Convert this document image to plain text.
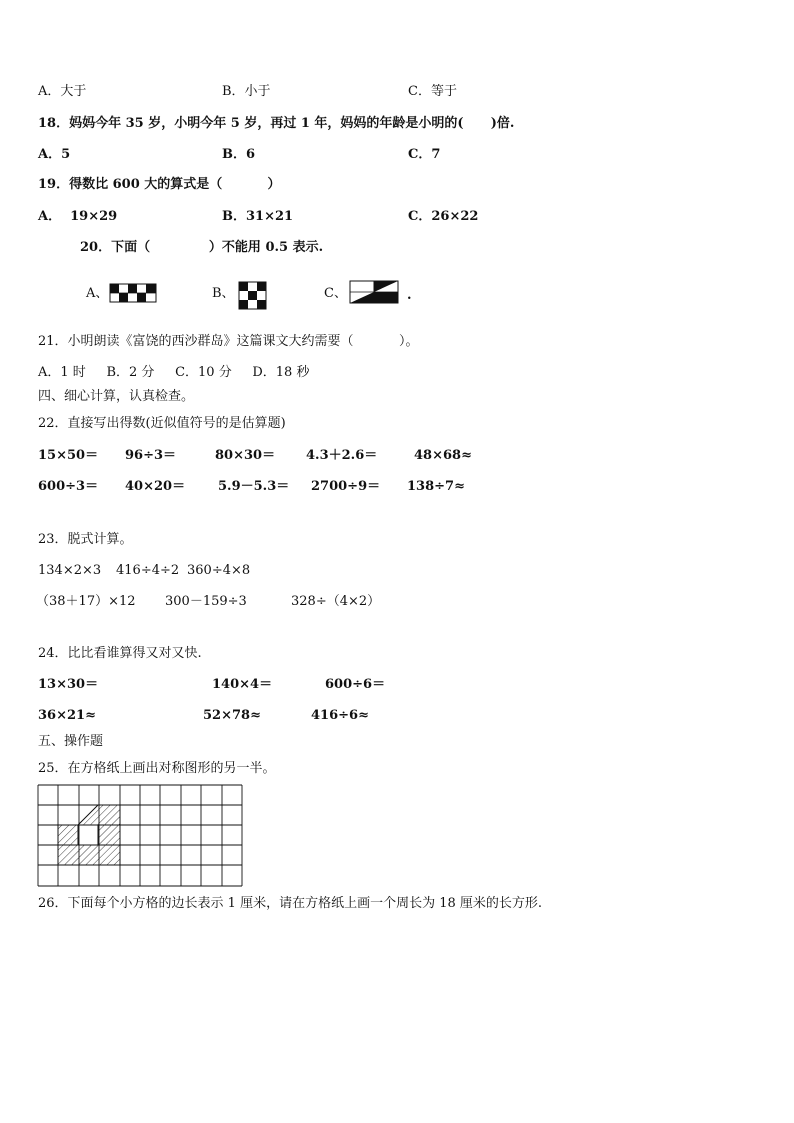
A．大于	B．小于	C．等于
18．妈妈今年 35 岁，小明今年 5 岁，再过 1 年，妈妈的年龄是小明的(      )倍.
A．5	B．6	C．7
19．得数比 600 大的算式是（          ）
A．  19×29	B．31×21	C．26×22
20．下面（             ）不能用 0.5 表示.
A、	B、	C、	.
21．小明朗读《富饶的西沙群岛》这篇课文大约需要（           ）。
A．1 时     B．2 分     C．10 分     D．18 秒
四、细心计算，认真检查。
22．直接写出得数(近似值符号的是估算题)
15×50＝ 96÷3＝	80×30＝ 4.3＋2.6＝	48×68≈
600÷3＝ 40×20＝	5.9－5.3＝ 2700÷9＝ 138÷7≈
23．脱式计算。
134×2×3 416÷4÷2 360÷4×8
（38＋17）×12 300－159÷3	328÷（4×2）
24．比比看谁算得又对又快.
13×30＝	140×4＝	600÷6＝
36×21≈	52×78≈	416÷6≈
五、操作题
25．在方格纸上画出对称图形的另一半。
26．下面每个小方格的边长表示 1 厘米，请在方格纸上画一个周长为 18 厘米的长方形.
